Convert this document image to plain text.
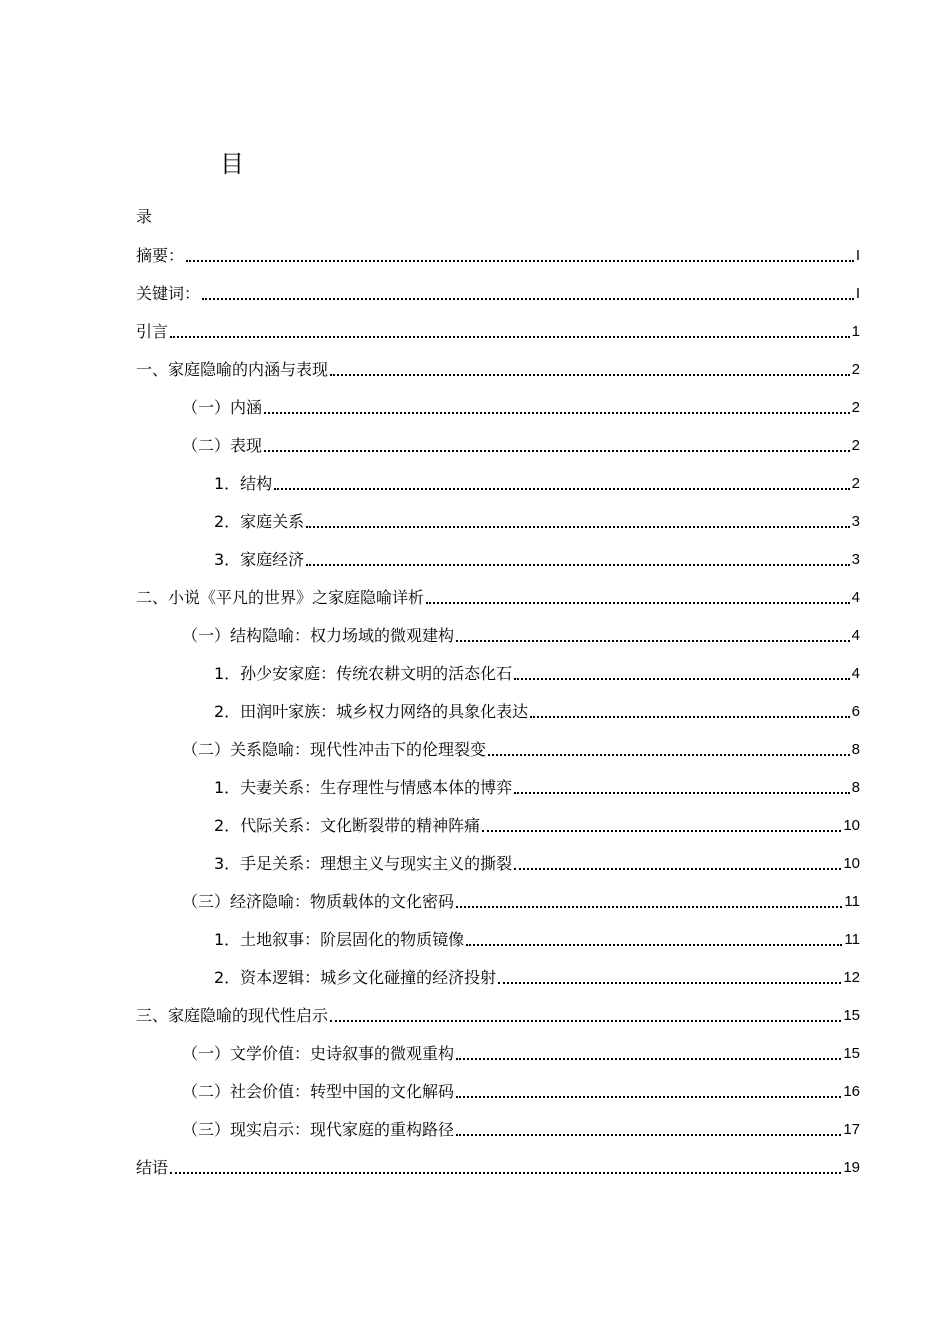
目
录
摘要：	I
关键词：	I
引言	1
一、家庭隐喻的内涵与表现	2
（一）内涵	2
（二）表现	2
1．结构	2
2．家庭关系	3
3．家庭经济	3
二、小说《平凡的世界》之家庭隐喻详析	4
（一）结构隐喻：权力场域的微观建构	4
1．孙少安家庭：传统农耕文明的活态化石	4
2．田润叶家族：城乡权力网络的具象化表达	6
（二）关系隐喻：现代性冲击下的伦理裂变	8
1．夫妻关系：生存理性与情感本体的博弈	8
2．代际关系：文化断裂带的精神阵痛	10
3．手足关系：理想主义与现实主义的撕裂	10
（三）经济隐喻：物质载体的文化密码	11
1．土地叙事：阶层固化的物质镜像	11
2．资本逻辑：城乡文化碰撞的经济投射	12
三、家庭隐喻的现代性启示	15
（一）文学价值：史诗叙事的微观重构	15
（二）社会价值：转型中国的文化解码	16
（三）现实启示：现代家庭的重构路径	17
结语	19
